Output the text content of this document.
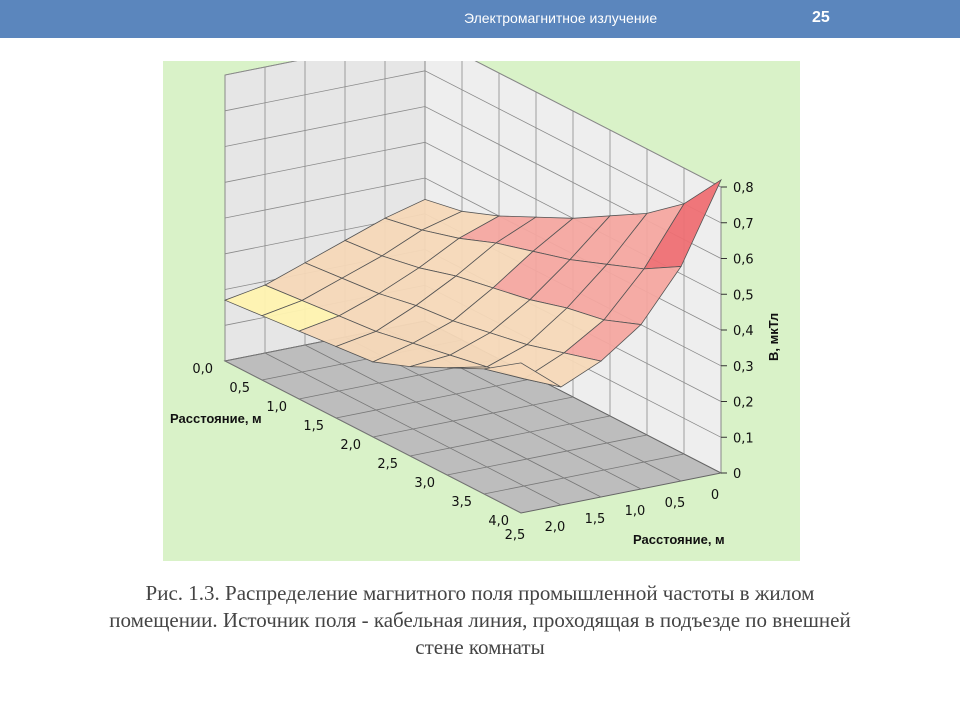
Электромагнитное излучение	25
0
0,1
0,2
0,3
0,4
0,5
0,6
0,7
0,8
2,5
2,0
1,5
1,0
0,5
0
0,0
0,5
1,0
1,5
2,0
2,5
3,0
3,5
4,0
Расстояние, м
Расстояние, м
B, мкТл
Рис. 1.3. Распределение магнитного поля промышленной частоты в жилом
помещении. Источник поля - кабельная линия, проходящая в подъезде по внешней
стене комнаты
